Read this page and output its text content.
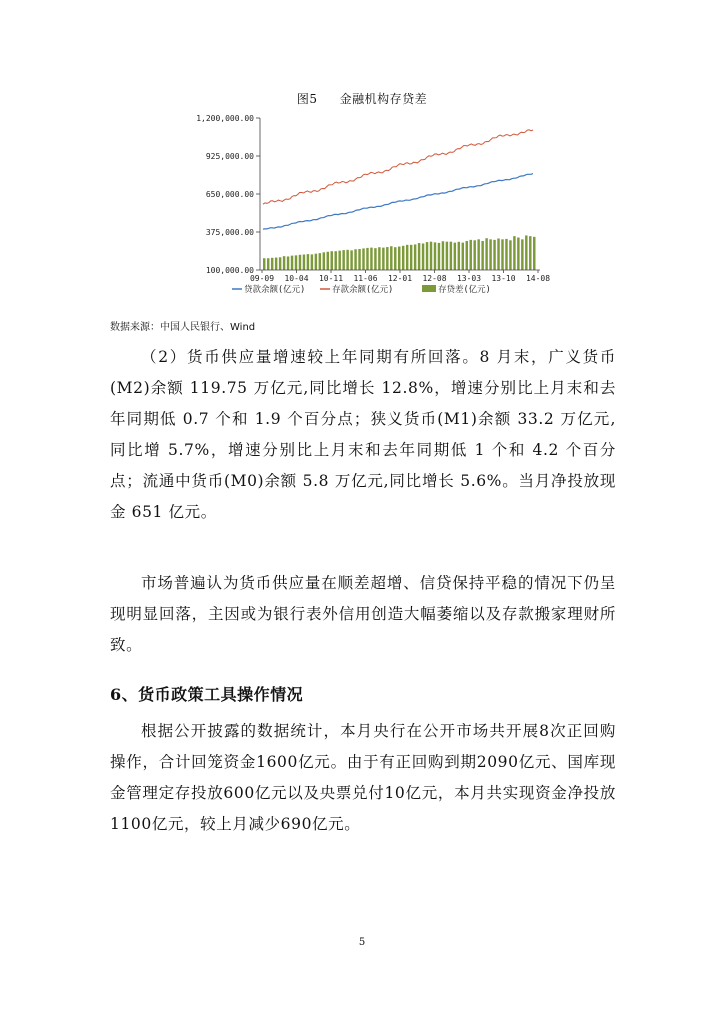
图5 金融机构存贷差
1,200,000.00
925,000.00
650,000.00
375,000.00
100,000.00
09-09 10-04 10-11 11-06 12-01 12-08 13-03 13-10 14-08
贷款余额(亿元)	存款余额(亿元)	存贷差(亿元)
数据来源：中国人民银行、Wind

（2）货币供应量增速较上年同期有所回落。8 月末，广义货币(M2)余额 119.75 万亿元,同比增长 12.8%，增速分别比上月末和去年同期低 0.7 个和 1.9 个百分点；狭义货币(M1)余额 33.2 万亿元,同比增 5.7%，增速分别比上月末和去年同期低 1 个和 4.2 个百分点；流通中货币(M0)余额 5.8 万亿元,同比增长 5.6%。当月净投放现金 651 亿元。

市场普遍认为货币供应量在顺差超增、信贷保持平稳的情况下仍呈现明显回落，主因或为银行表外信用创造大幅萎缩以及存款搬家理财所致。

6、货币政策工具操作情况

根据公开披露的数据统计，本月央行在公开市场共开展8次正回购操作，合计回笼资金1600亿元。由于有正回购到期2090亿元、国库现金管理定存投放600亿元以及央票兑付10亿元，本月共实现资金净投放1100亿元，较上月减少690亿元。

5
